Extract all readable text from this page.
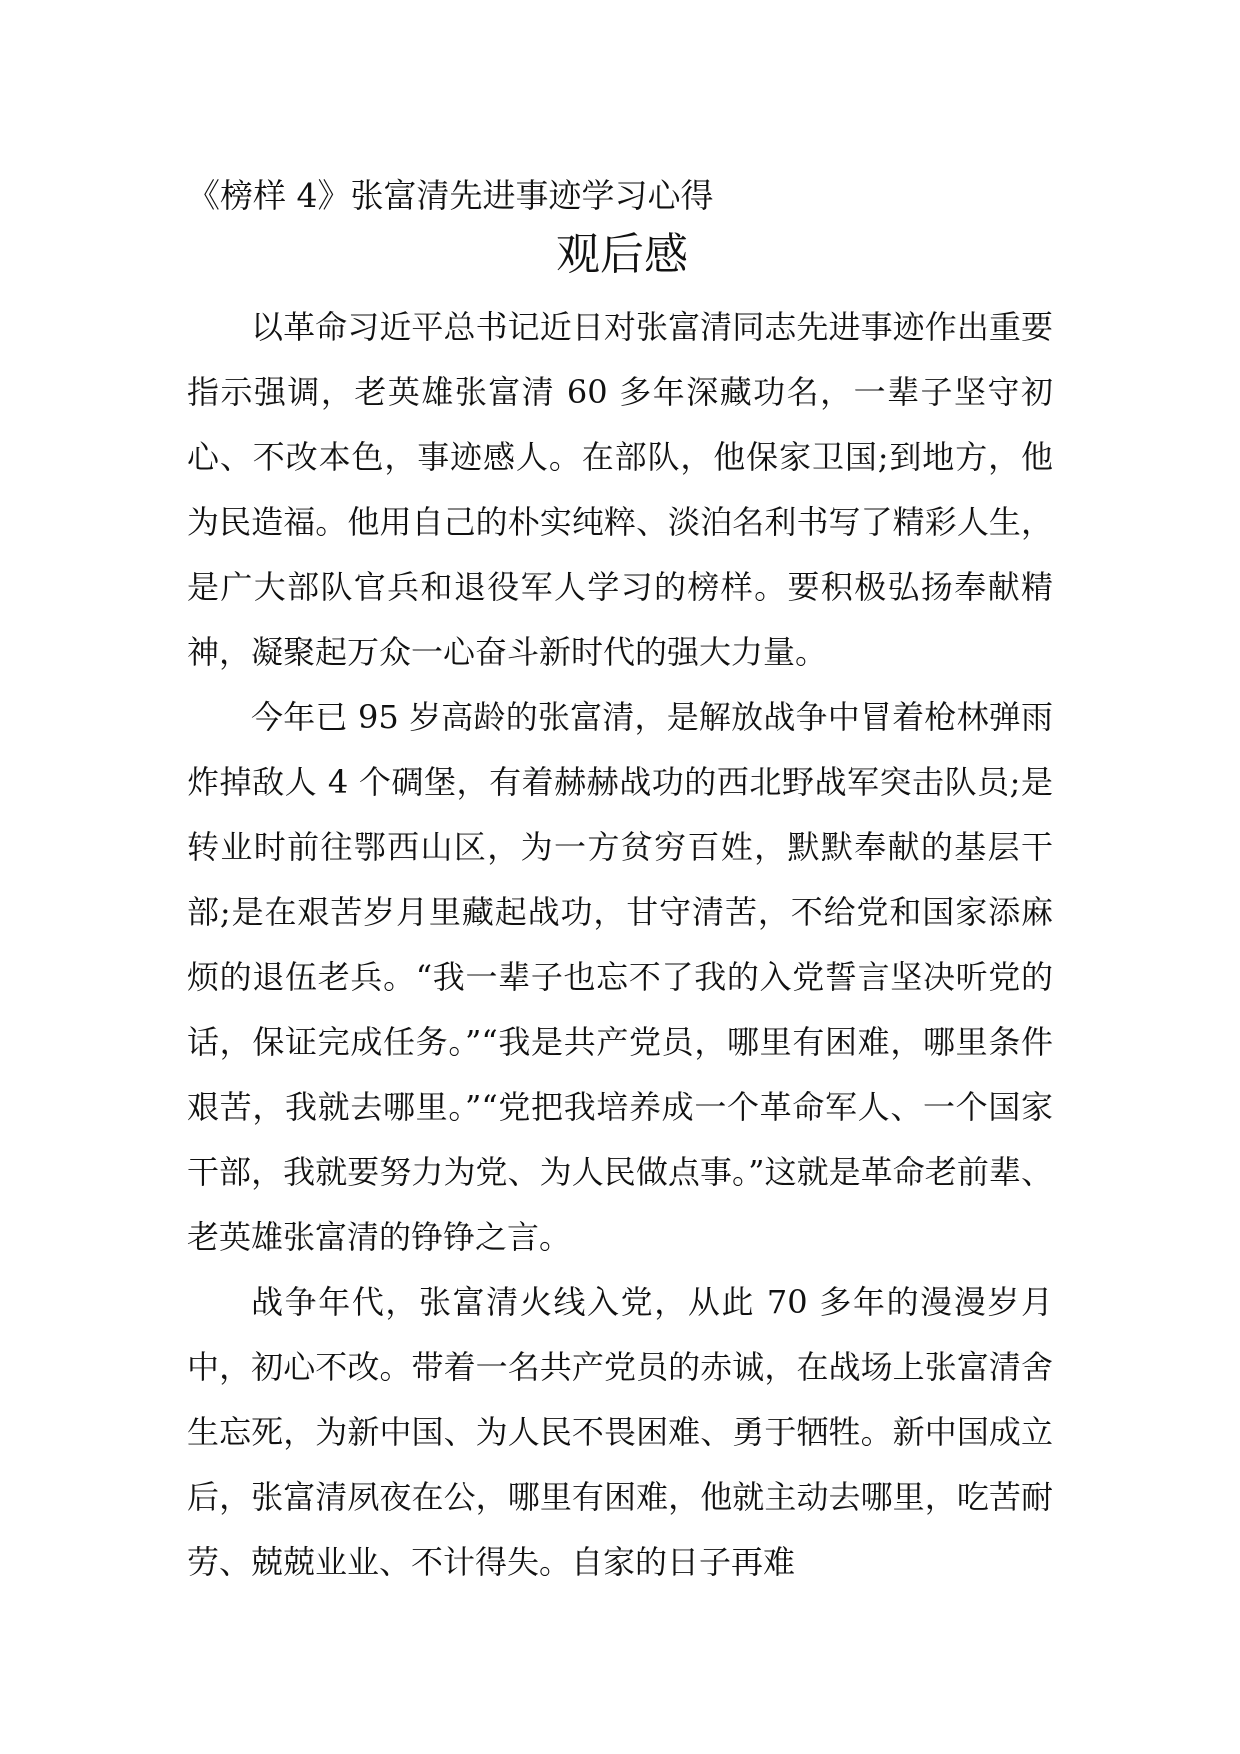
《榜样 4》张富清先进事迹学习心得
观后感

以革命习近平总书记近日对张富清同志先进事迹作出重要指示强调，老英雄张富清 60 多年深藏功名，一辈子坚守初心、不改本色，事迹感人。在部队，他保家卫国;到地方，他为民造福。他用自己的朴实纯粹、淡泊名利书写了精彩人生，是广大部队官兵和退役军人学习的榜样。要积极弘扬奉献精神，凝聚起万众一心奋斗新时代的强大力量。

今年已 95 岁高龄的张富清，是解放战争中冒着枪林弹雨炸掉敌人 4 个碉堡，有着赫赫战功的西北野战军突击队员;是转业时前往鄂西山区，为一方贫穷百姓，默默奉献的基层干部;是在艰苦岁月里藏起战功，甘守清苦，不给党和国家添麻烦的退伍老兵。“我一辈子也忘不了我的入党誓言坚决听党的话，保证完成任务。”“我是共产党员，哪里有困难，哪里条件艰苦，我就去哪里。”“党把我培养成一个革命军人、一个国家干部，我就要努力为党、为人民做点事。”这就是革命老前辈、老英雄张富清的铮铮之言。

战争年代，张富清火线入党，从此 70 多年的漫漫岁月中，初心不改。带着一名共产党员的赤诚，在战场上张富清舍生忘死，为新中国、为人民不畏困难、勇于牺牲。新中国成立后，张富清夙夜在公，哪里有困难，他就主动去哪里，吃苦耐劳、兢兢业业、不计得失。自家的日子再难
